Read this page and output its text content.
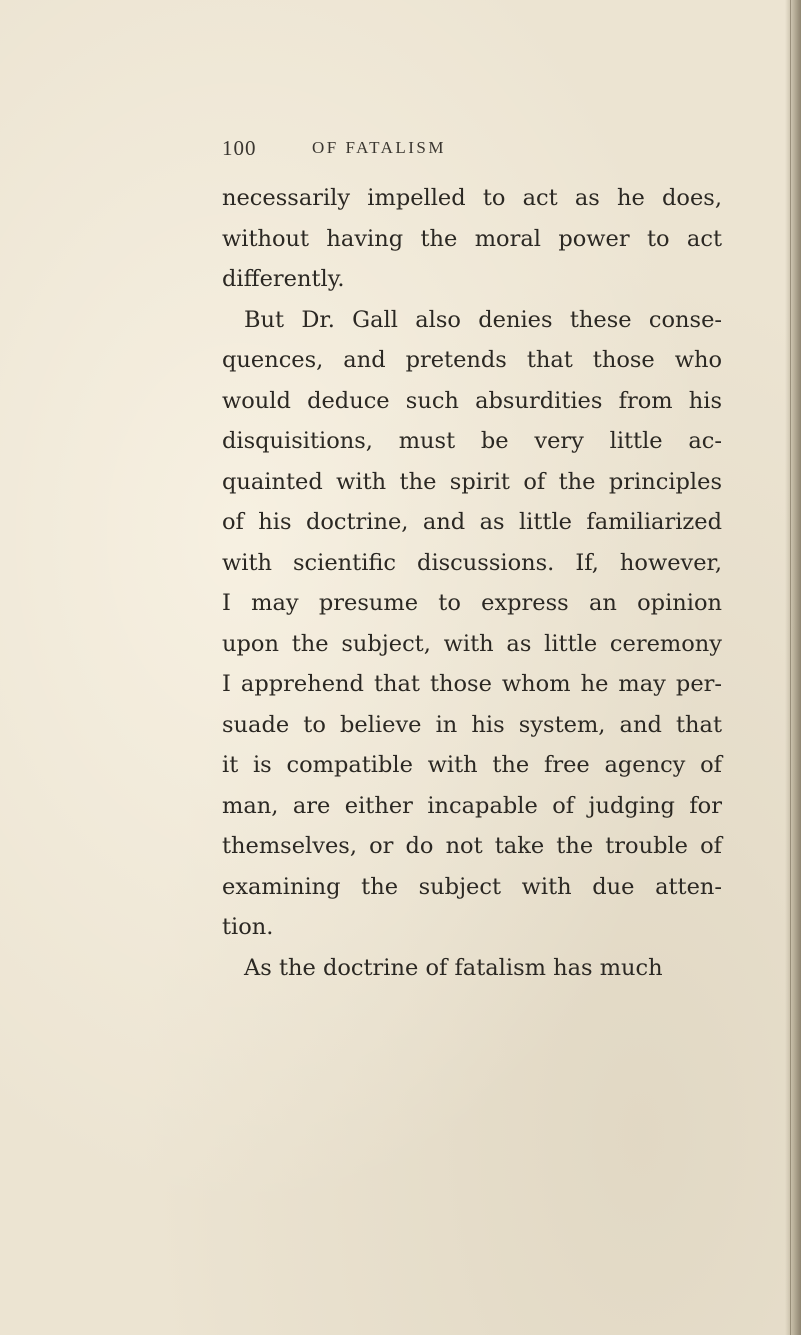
100	OF FATALISM
necessarily impelled to act as he does,
without having the moral power to act
differently.
But Dr. Gall also denies these conse-
quences, and pretends that those who
would deduce such absurdities from his
disquisitions, must be very little ac-
quainted with the spirit of the principles
of his doctrine, and as little familiarized
with scientific discussions. If, however,
I may presume to express an opinion
upon the subject, with as little ceremony
I apprehend that those whom he may per-
suade to believe in his system, and that
it is compatible with the free agency of
man, are either incapable of judging for
themselves, or do not take the trouble of
examining the subject with due atten-
tion.
As the doctrine of fatalism has much
